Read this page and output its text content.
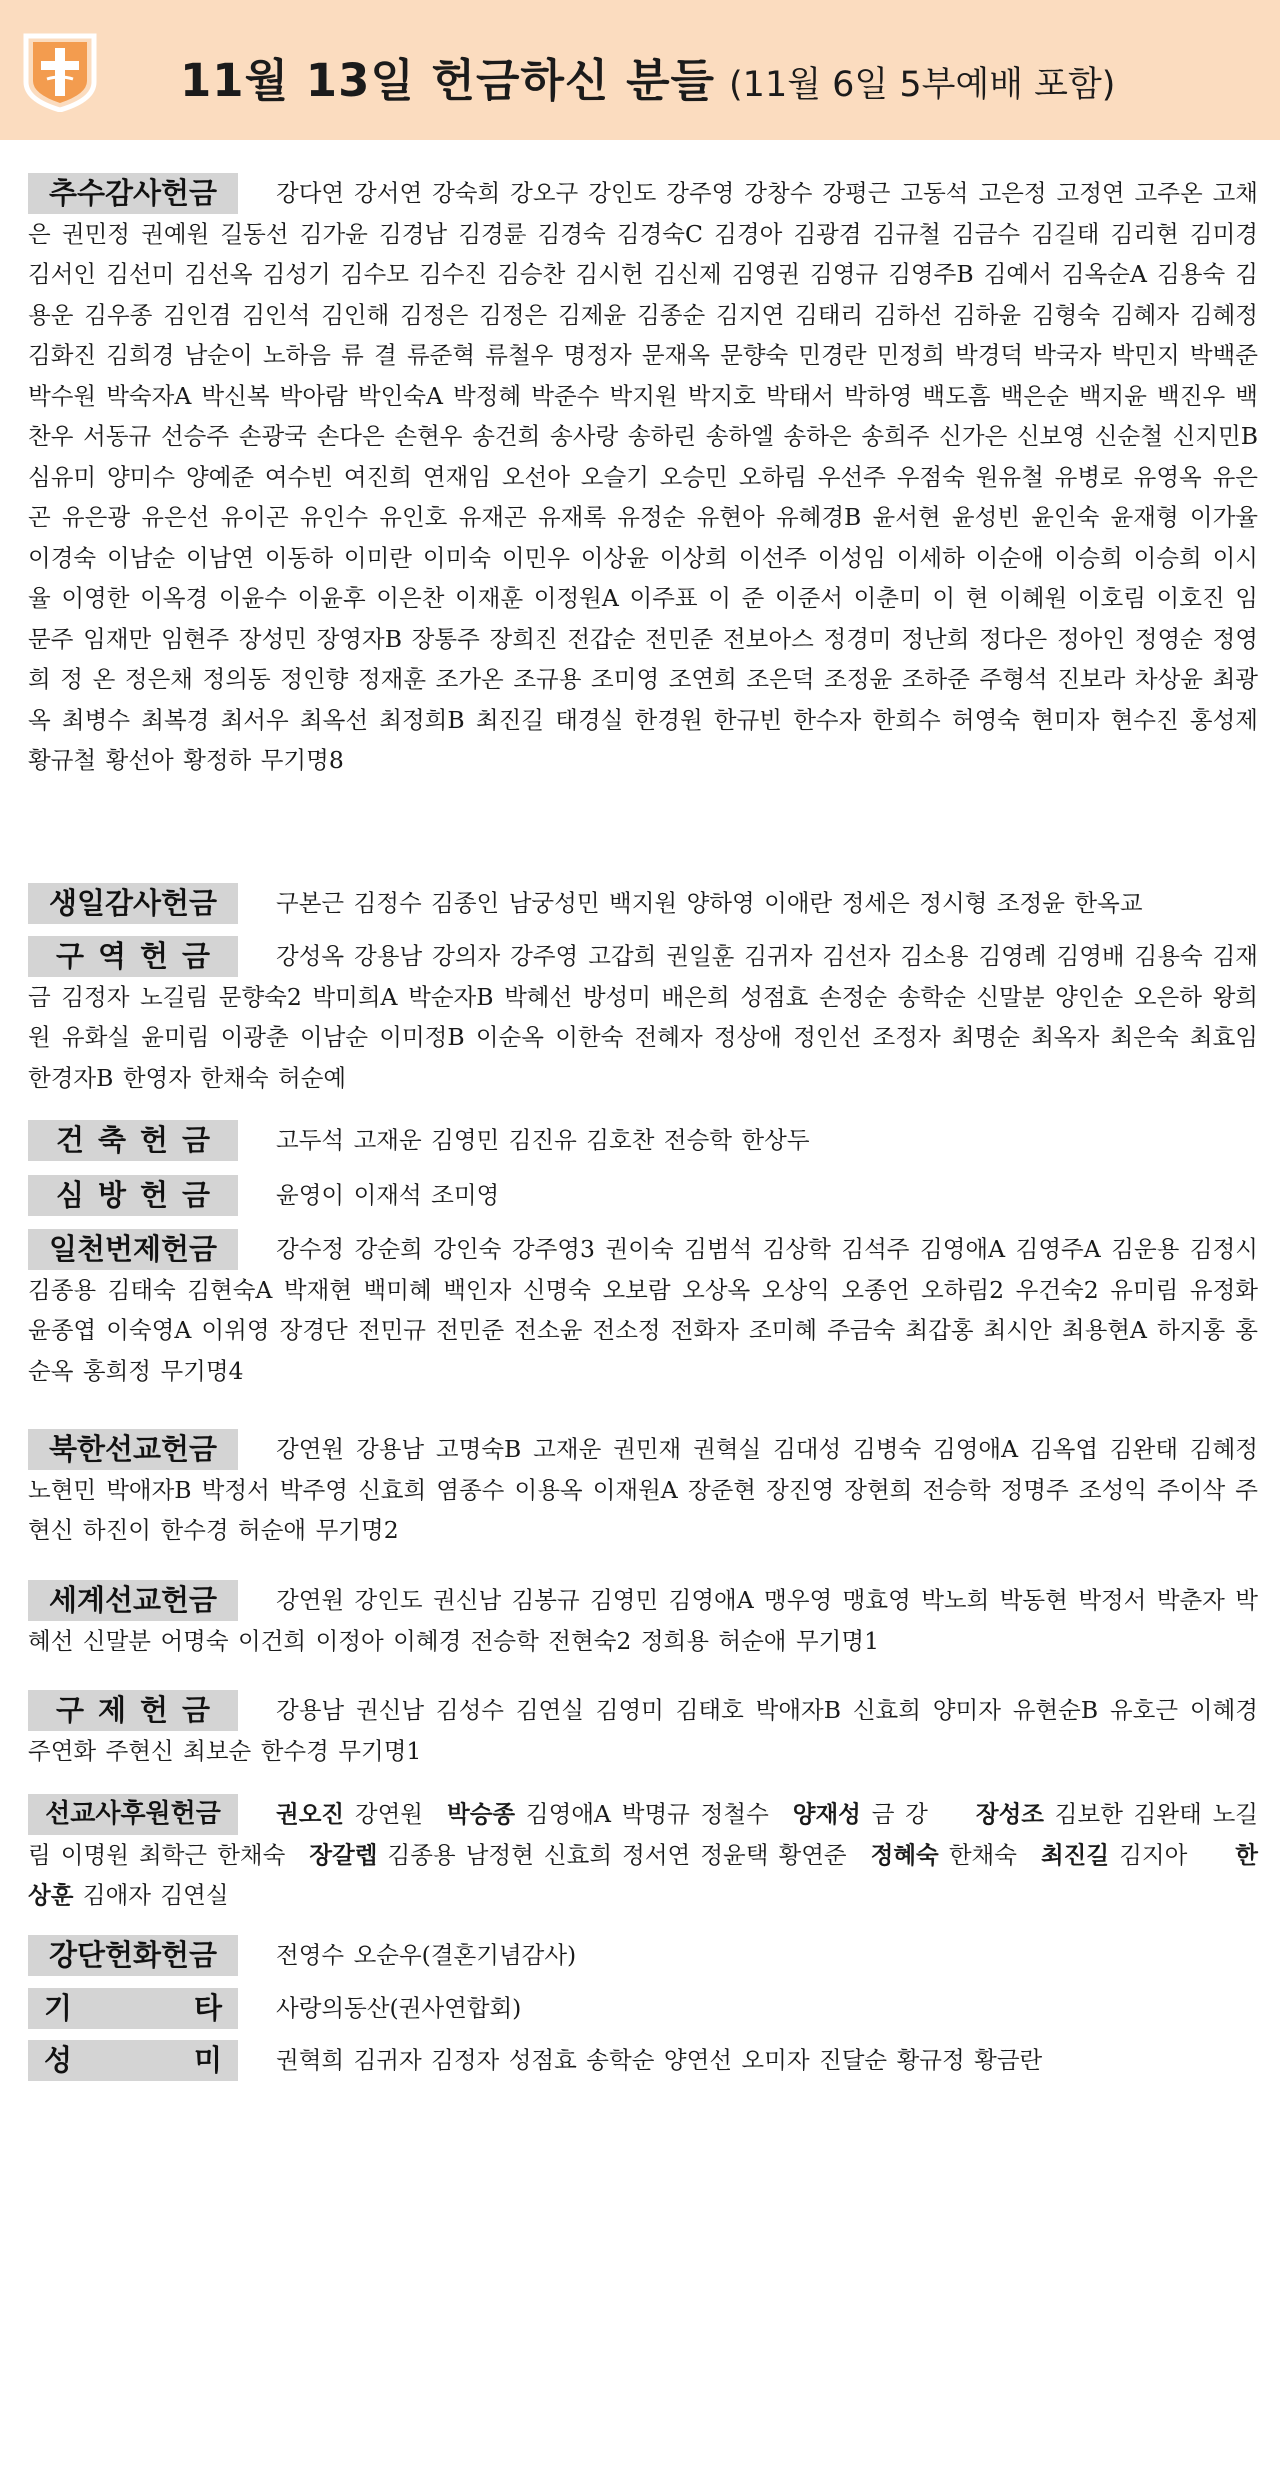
11월 13일 헌금하신 분들 (11월 6일 5부예배 포함)
추수감사헌금	강다연 강서연 강숙희 강오구 강인도 강주영 강창수 강평근 고동석 고은정 고정연 고주온 고채은 권민정 권예원 길동선 김가윤 김경남 김경륜 김경숙 김경숙C 김경아 김광겸 김규철 김금수 김길태 김리현 김미경 김서인 김선미 김선옥 김성기 김수모 김수진 김승찬 김시헌 김신제 김영권 김영규 김영주B 김예서 김옥순A 김용숙 김용운 김우종 김인겸 김인석 김인해 김정은 김정은 김제윤 김종순 김지연 김태리 김하선 김하윤 김형숙 김혜자 김혜정 김화진 김희경 남순이 노하음 류 결 류준혁 류철우 명정자 문재옥 문향숙 민경란 민정희 박경덕 박국자 박민지 박백준 박수원 박숙자A 박신복 박아람 박인숙A 박정혜 박준수 박지원 박지호 박태서 박하영 백도흠 백은순 백지윤 백진우 백찬우 서동규 선승주 손광국 손다은 손현우 송건희 송사랑 송하린 송하엘 송하은 송희주 신가은 신보영 신순철 신지민B 심유미 양미수 양예준 여수빈 여진희 연재임 오선아 오슬기 오승민 오하림 우선주 우점숙 원유철 유병로 유영옥 유은곤 유은광 유은선 유이곤 유인수 유인호 유재곤 유재록 유정순 유현아 유혜경B 윤서현 윤성빈 윤인숙 윤재형 이가율 이경숙 이남순 이남연 이동하 이미란 이미숙 이민우 이상윤 이상희 이선주 이성임 이세하 이순애 이승희 이승희 이시율 이영한 이옥경 이윤수 이윤후 이은찬 이재훈 이정원A 이주표 이 준 이준서 이춘미 이 현 이혜원 이호림 이호진 임문주 임재만 임현주 장성민 장영자B 장통주 장희진 전갑순 전민준 전보아스 정경미 정난희 정다은 정아인 정영순 정영희 정 온 정은채 정의동 정인향 정재훈 조가온 조규용 조미영 조연희 조은덕 조정윤 조하준 주형석 진보라 차상윤 최광옥 최병수 최복경 최서우 최옥선 최정희B 최진길 태경실 한경원 한규빈 한수자 한희수 허영숙 현미자 현수진 홍성제 황규철 황선아 황정하 무기명8

생일감사헌금	구본근 김정수 김종인 남궁성민 백지원 양하영 이애란 정세은 정시형 조정윤 한옥교

구 역 헌 금	강성옥 강용남 강의자 강주영 고갑희 권일훈 김귀자 김선자 김소용 김영례 김영배 김용숙 김재금 김정자 노길림 문향숙2 박미희A 박순자B 박혜선 방성미 배은희 성점효 손정순 송학순 신말분 양인순 오은하 왕희원 유화실 윤미림 이광춘 이남순 이미정B 이순옥 이한숙 전혜자 정상애 정인선 조정자 최명순 최옥자 최은숙 최효임 한경자B 한영자 한채숙 허순예

건 축 헌 금	고두석 고재운 김영민 김진유 김호찬 전승학 한상두

심 방 헌 금	윤영이 이재석 조미영

일천번제헌금	강수정 강순희 강인숙 강주영3 권이숙 김범석 김상학 김석주 김영애A 김영주A 김운용 김정시 김종용 김태숙 김현숙A 박재현 백미혜 백인자 신명숙 오보람 오상옥 오상익 오종언 오하림2 우건숙2 유미림 유정화 윤종엽 이숙영A 이위영 장경단 전민규 전민준 전소윤 전소정 전화자 조미혜 주금숙 최갑홍 최시안 최용현A 하지홍 홍순옥 홍희정 무기명4

북한선교헌금	강연원 강용남 고명숙B 고재운 권민재 권혁실 김대성 김병숙 김영애A 김옥엽 김완태 김혜정 노현민 박애자B 박정서 박주영 신효희 염종수 이용옥 이재원A 장준현 장진영 장현희 전승학 정명주 조성익 주이삭 주현신 하진이 한수경 허순애 무기명2

세계선교헌금	강연원 강인도 권신남 김봉규 김영민 김영애A 맹우영 맹효영 박노희 박동현 박정서 박춘자 박혜선 신말분 어명숙 이건희 이정아 이혜경 전승학 전현숙2 정희용 허순애 무기명1

구 제 헌 금	강용남 권신남 김성수 김연실 김영미 김태호 박애자B 신효희 양미자 유현순B 유호근 이혜경 주연화 주현신 최보순 한수경 무기명1

선교사후원헌금	권오진 강연원 박승종 김영애A 박명규 정철수 양재성 금 강 장성조 김보한 김완태 노길림 이명원 최학근 한채숙 장갈렙 김종용 남정현 신효희 정서연 정윤택 황연준 정혜숙 한채숙 최진길 김지아 한상훈 김애자 김연실

강단헌화헌금	전영수 오순우(결혼기념감사)

기	타	사랑의동산(권사연합회)

성	미	권혁희 김귀자 김정자 성점효 송학순 양연선 오미자 진달순 황규정 황금란
